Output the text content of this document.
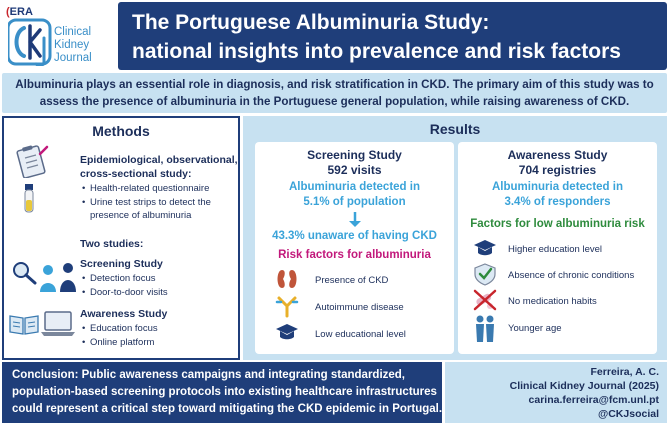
(ERA
Clinical
Kidney
Journal
The Portuguese Albuminuria Study:
national insights into prevalence and risk factors
Albuminuria plays an essential role in diagnosis, and risk stratification in CKD. The primary aim of this study was to
assess the presence of albuminuria in the Portuguese general population, while raising awareness of CKD.
Methods
Epidemiological, observational,
cross-sectional study:
• Health-related questionnaire
• Urine test strips to detect the
presence of albuminuria
Two studies:
Screening Study
• Detection focus
• Door-to-door visits
Awareness Study
• Education focus
• Online platform
Results
Screening Study
592 visits
Albuminuria detected in
5.1% of population
43.3% unaware of having CKD
Risk factors for albuminuria
Presence of CKD
Autoimmune disease
Low educational level
Awareness Study
704 registries
Albuminuria detected in
3.4% of responders
Factors for low albuminuria risk
Higher education level
Absence of chronic conditions
No medication habits
Younger age
Conclusion: Public awareness campaigns and integrating standardized,
population-based screening protocols into existing healthcare infrastructures
could represent a critical step toward mitigating the CKD epidemic in Portugal.
Ferreira, A. C.
Clinical Kidney Journal (2025)
carina.ferreira@fcm.unl.pt
@CKJsocial
